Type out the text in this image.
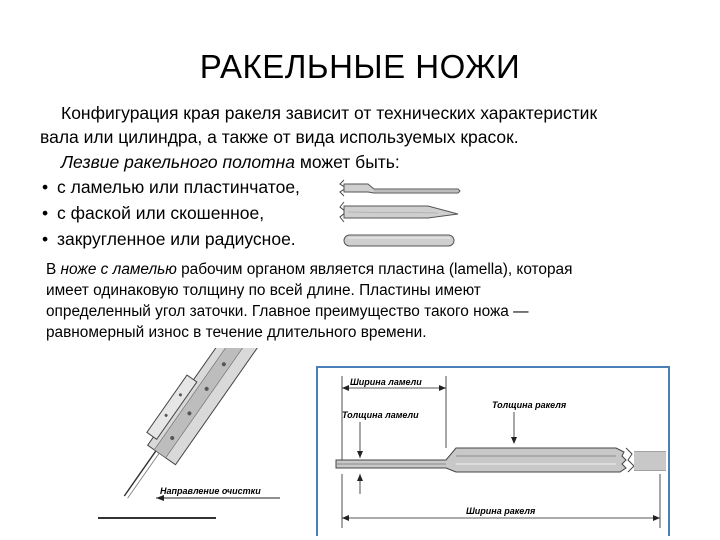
РАКЕЛЬНЫЕ НОЖИ
Конфигурация края ракеля зависит от технических характеристик
вала или цилиндра, а также от вида используемых красок.
Лезвие ракельного полотна может быть:
• с ламелью или пластинчатое,
• с фаской или скошенное,
• закругленное или радиусное.
В ноже с ламелью рабочим органом является пластина (lamella), которая
имеет одинаковую толщину по всей длине. Пластины имеют
определенный угол заточки. Главное преимущество такого ножа —
равномерный износ в течение длительного времени.
Направление очистки
Ширина ламели
Толщина ламели
Толщина ракеля
Ширина ракеля
